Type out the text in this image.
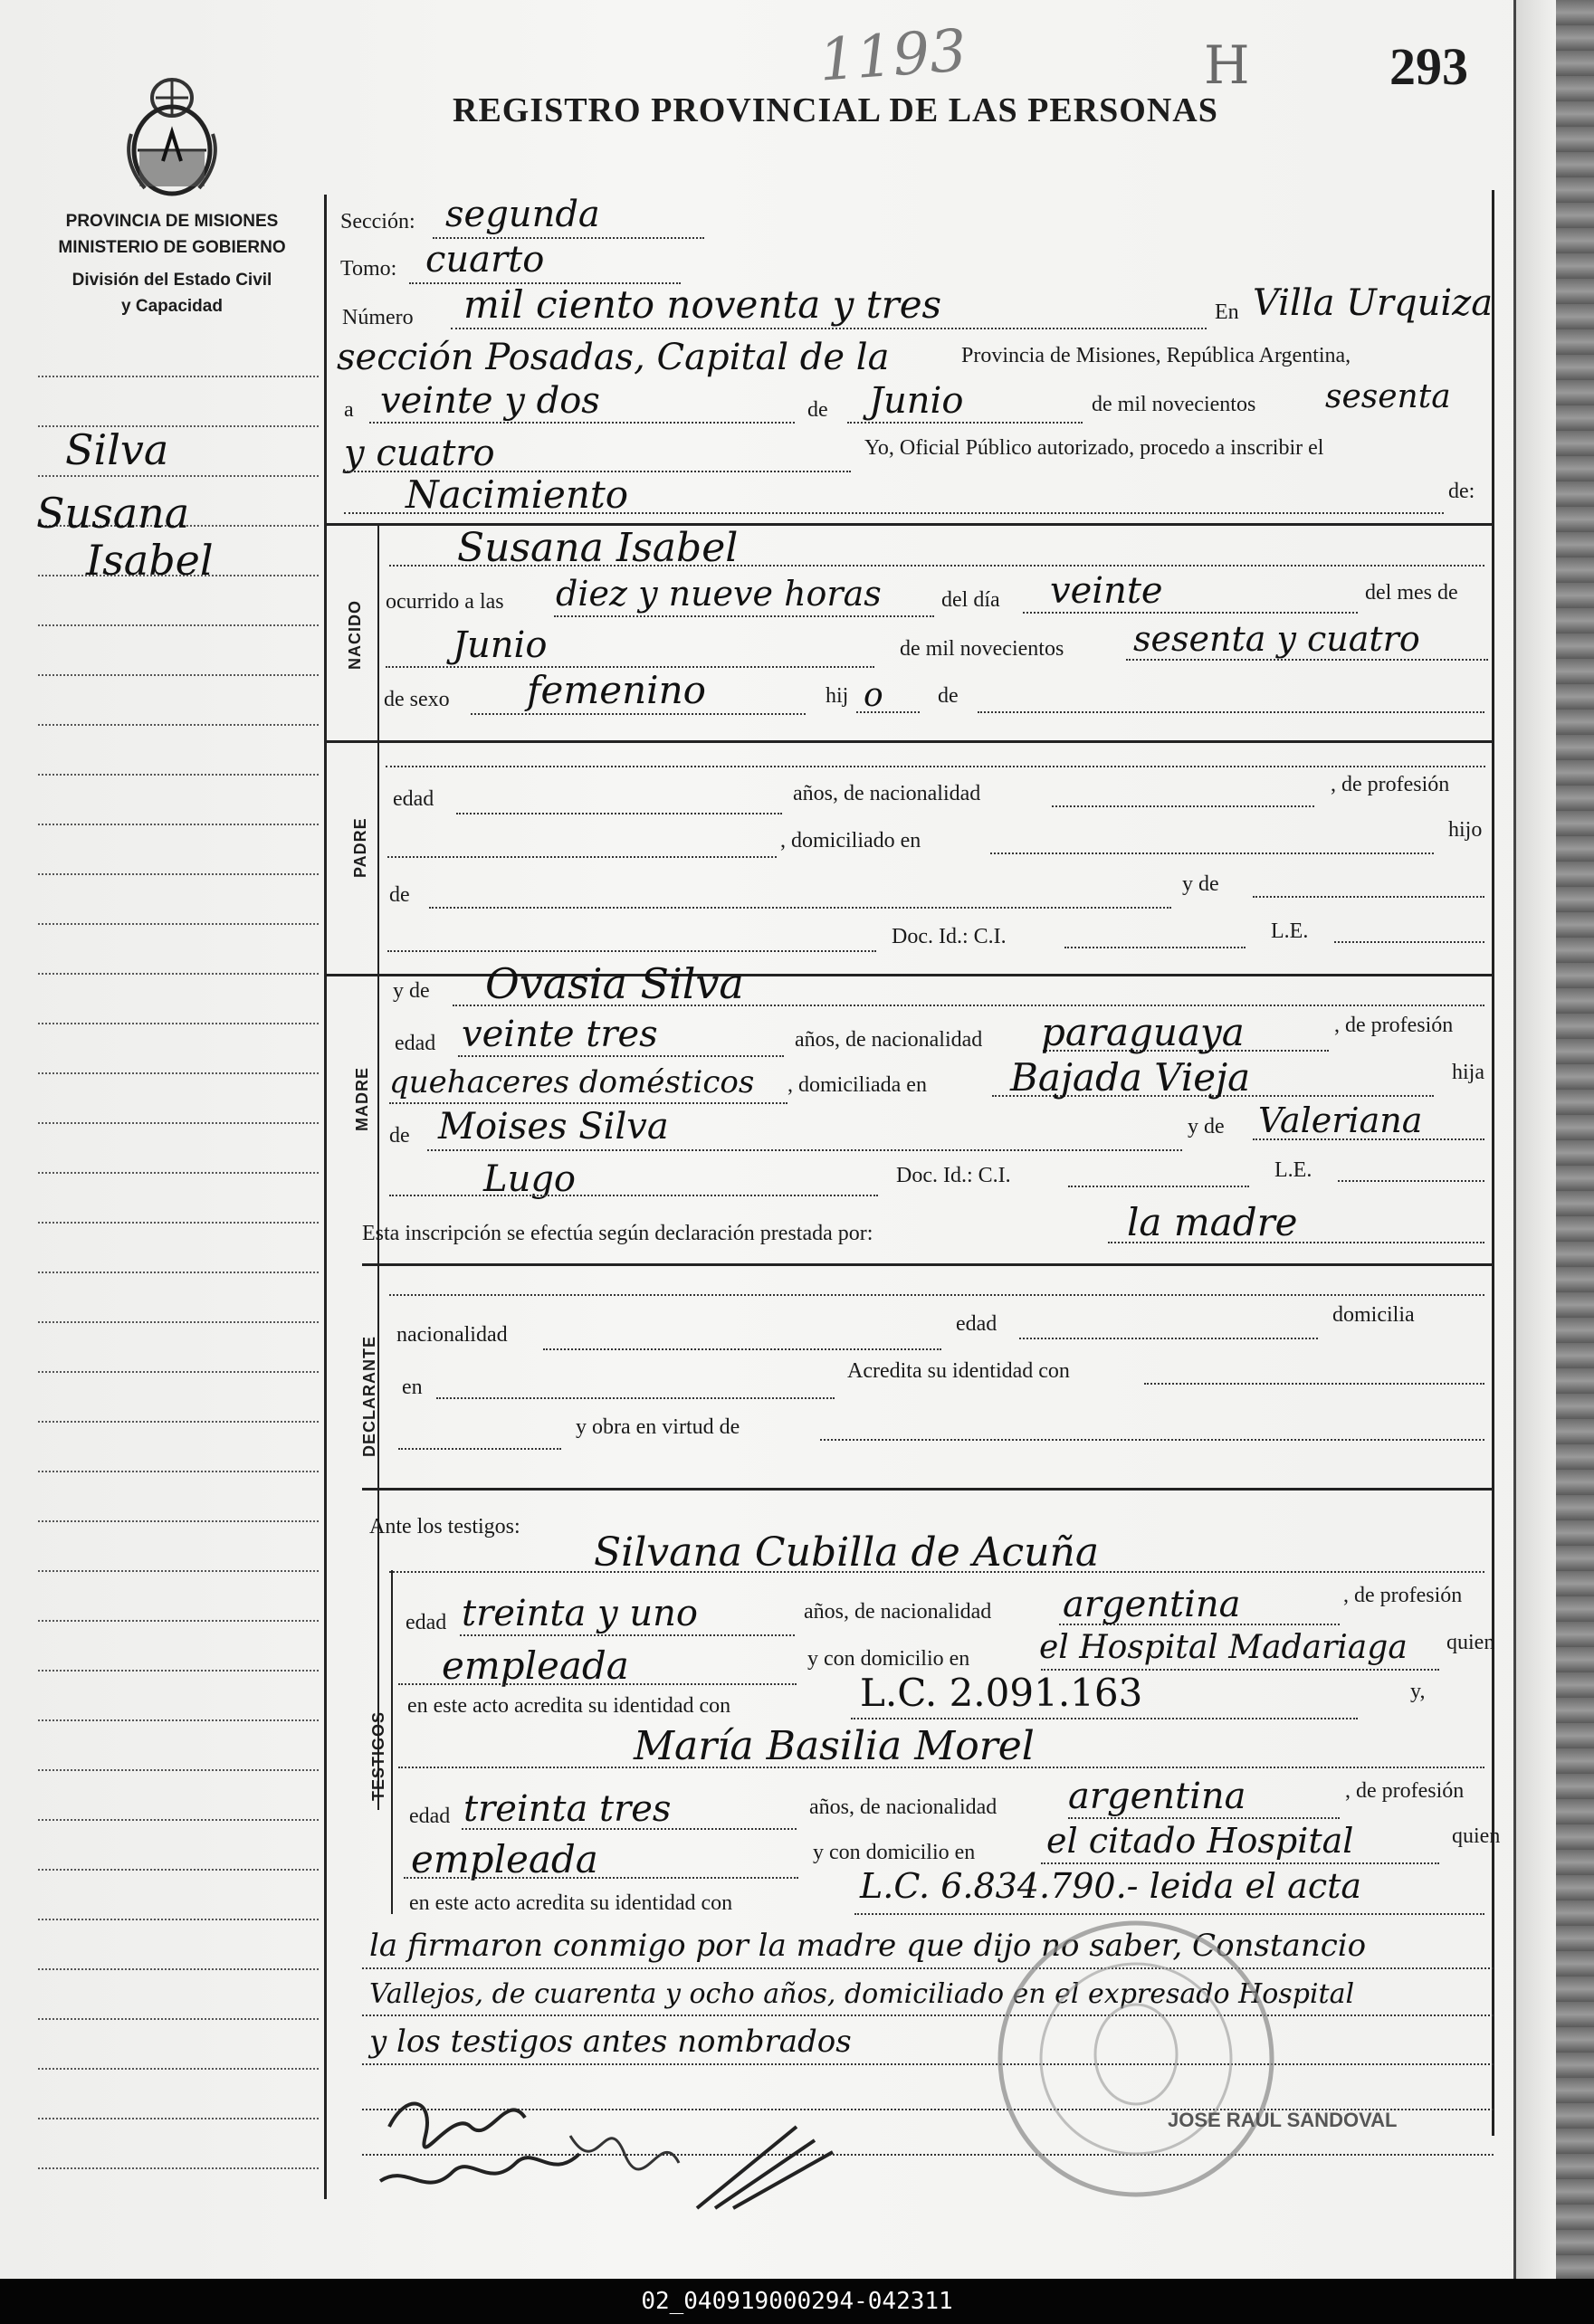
1193	H	293
REGISTRO PROVINCIAL DE LAS PERSONAS
PROVINCIA DE MISIONES
MINISTERIO DE GOBIERNO
División del Estado Civil
y Capacidad
Silva
Susana
Isabel
Sección: segunda
Tomo: cuarto
Número mil ciento noventa y tres	En Villa Urquiza
sección Posadas, Capital de la	Provincia de Misiones, República Argentina,
a veinte y dos	de Junio	de mil novecientos sesenta
y cuatro	Yo, Oficial Público autorizado, procedo a inscribir el
Nacimiento	de:
NACIDO
Susana Isabel
ocurrido a las diez y nueve horas	del día veinte	del mes de
Junio	de mil novecientos sesenta y cuatro
de sexo femenino	hij o	de
PADRE
edad	años, de nacionalidad	, de profesión
, domiciliado en	hijo
de	y de
Doc. Id.: C.I.	L.E.
y de Ovasia Silva
MADRE
edad veinte tres	años, de nacionalidad paraguaya	, de profesión
quehaceres domésticos , domiciliada en Bajada Vieja	hija
de Moises Silva	y de Valeriana
Lugo	Doc. Id.: C.I.	L.E.
Esta inscripción se efectúa según declaración prestada por:	la madre
DECLARANTE
nacionalidad	edad	domicilia
en
Acredita su identidad con
y obra en virtud de
Ante los testigos:
Silvana Cubilla de Acuña
TESTIGOS
edad treinta y uno	años, de nacionalidad argentina	, de profesión
empleada	y con domicilio en el Hospital Madariaga quien
en este acto acredita su identidad con	L.C. 2.091.163	y,
María Basilia Morel
edad treinta tres	años, de nacionalidad argentina	, de profesión
empleada	y con domicilio en el citado Hospital	quien
en este acto acredita su identidad con	L.C. 6.834.790.- leida el acta
la firmaron conmigo por la madre que dijo no saber, Constancio
Vallejos, de cuarenta y ocho años, domiciliado en el expresado Hospital
y los testigos antes nombrados
JOSE RAUL SANDOVAL
02_040919000294-042311
